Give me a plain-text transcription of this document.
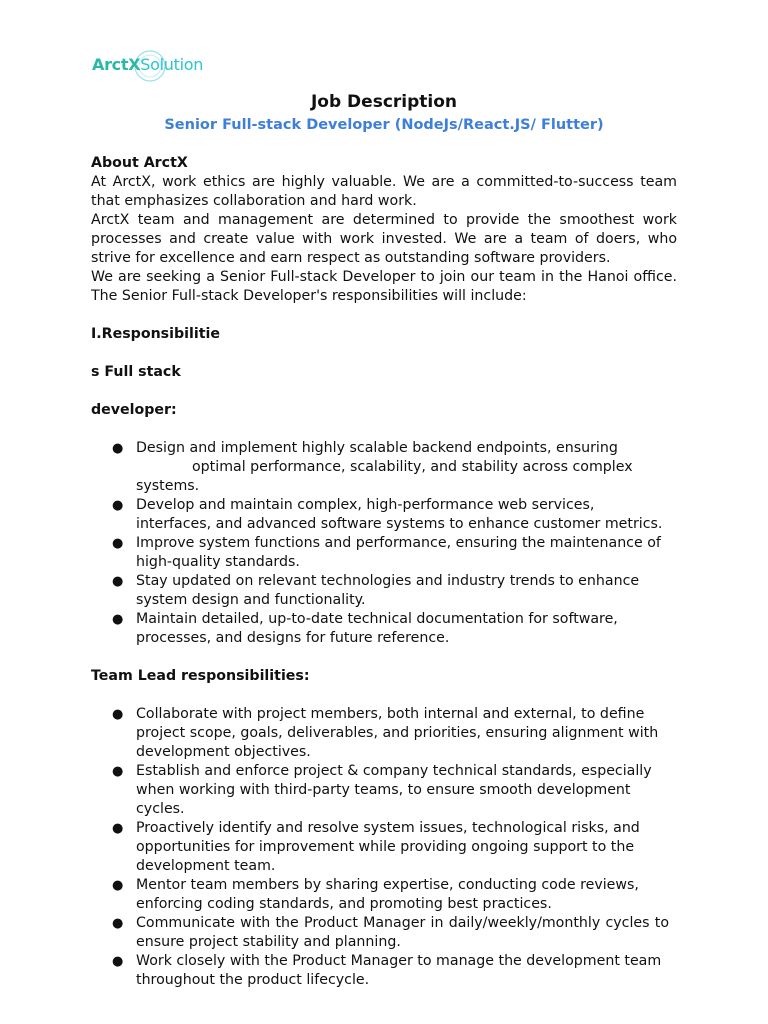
ArctXSolution
Job Description
Senior Full-stack Developer (NodeJs/React.JS/ Flutter)

About ArctX

At ArctX, work ethics are highly valuable. We are a committed-to-success team that emphasizes collaboration and hard work.

ArctX team and management are determined to provide the smoothest work processes and create value with work invested. We are a team of doers, who strive for excellence and earn respect as outstanding software providers.

We are seeking a Senior Full-stack Developer to join our team in the Hanoi office. The Senior Full-stack Developer's responsibilities will include:

I.Responsibilitie

s Full stack

developer:

● Design and implement highly scalable backend endpoints, ensuring
optimal performance, scalability, and stability across complex
systems.
● Develop and maintain complex, high-performance web services, interfaces, and advanced software systems to enhance customer metrics.
● Improve system functions and performance, ensuring the maintenance of high-quality standards.
● Stay updated on relevant technologies and industry trends to enhance system design and functionality.
● Maintain detailed, up-to-date technical documentation for software, processes, and designs for future reference.

Team Lead responsibilities:

● Collaborate with project members, both internal and external, to define project scope, goals, deliverables, and priorities, ensuring alignment with development objectives.
● Establish and enforce project & company technical standards, especially when working with third-party teams, to ensure smooth development cycles.
● Proactively identify and resolve system issues, technological risks, and opportunities for improvement while providing ongoing support to the development team.
● Mentor team members by sharing expertise, conducting code reviews, enforcing coding standards, and promoting best practices.
● Communicate with the Product Manager in daily/weekly/monthly cycles to ensure project stability and planning.
● Work closely with the Product Manager to manage the development team throughout the product lifecycle.
